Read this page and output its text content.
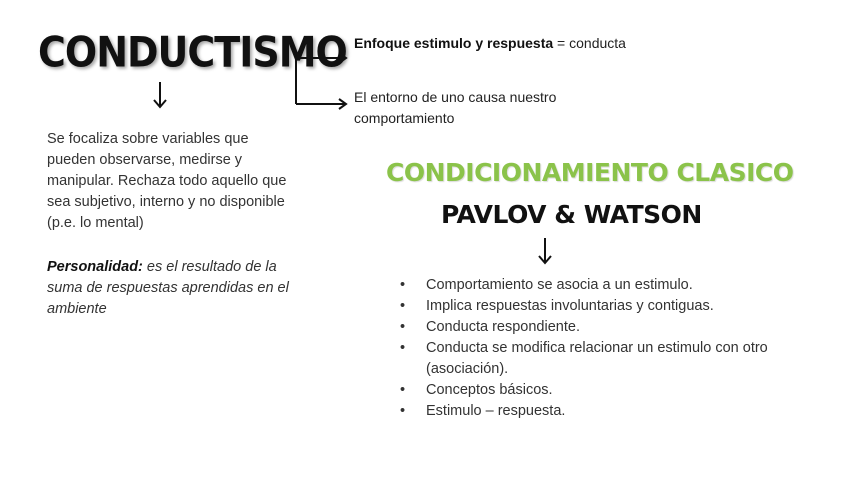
CONDUCTISMO Enfoque estimulo y respuesta = conducta
El entorno de uno causa nuestro comportamiento
Se focaliza sobre variables que pueden observarse, medirse y manipular. Rechaza todo aquello que sea subjetivo, interno y no disponible (p.e. lo mental)
Personalidad: es el resultado de la suma de respuestas aprendidas en el ambiente
CONDICIONAMIENTO CLASICO
PAVLOV & WATSON
• Comportamiento se asocia a un estimulo.
• Implica respuestas involuntarias y contiguas.
• Conducta respondiente.
• Conducta se modifica relacionar un estimulo con otro (asociación).
• Conceptos básicos.
• Estimulo – respuesta.
